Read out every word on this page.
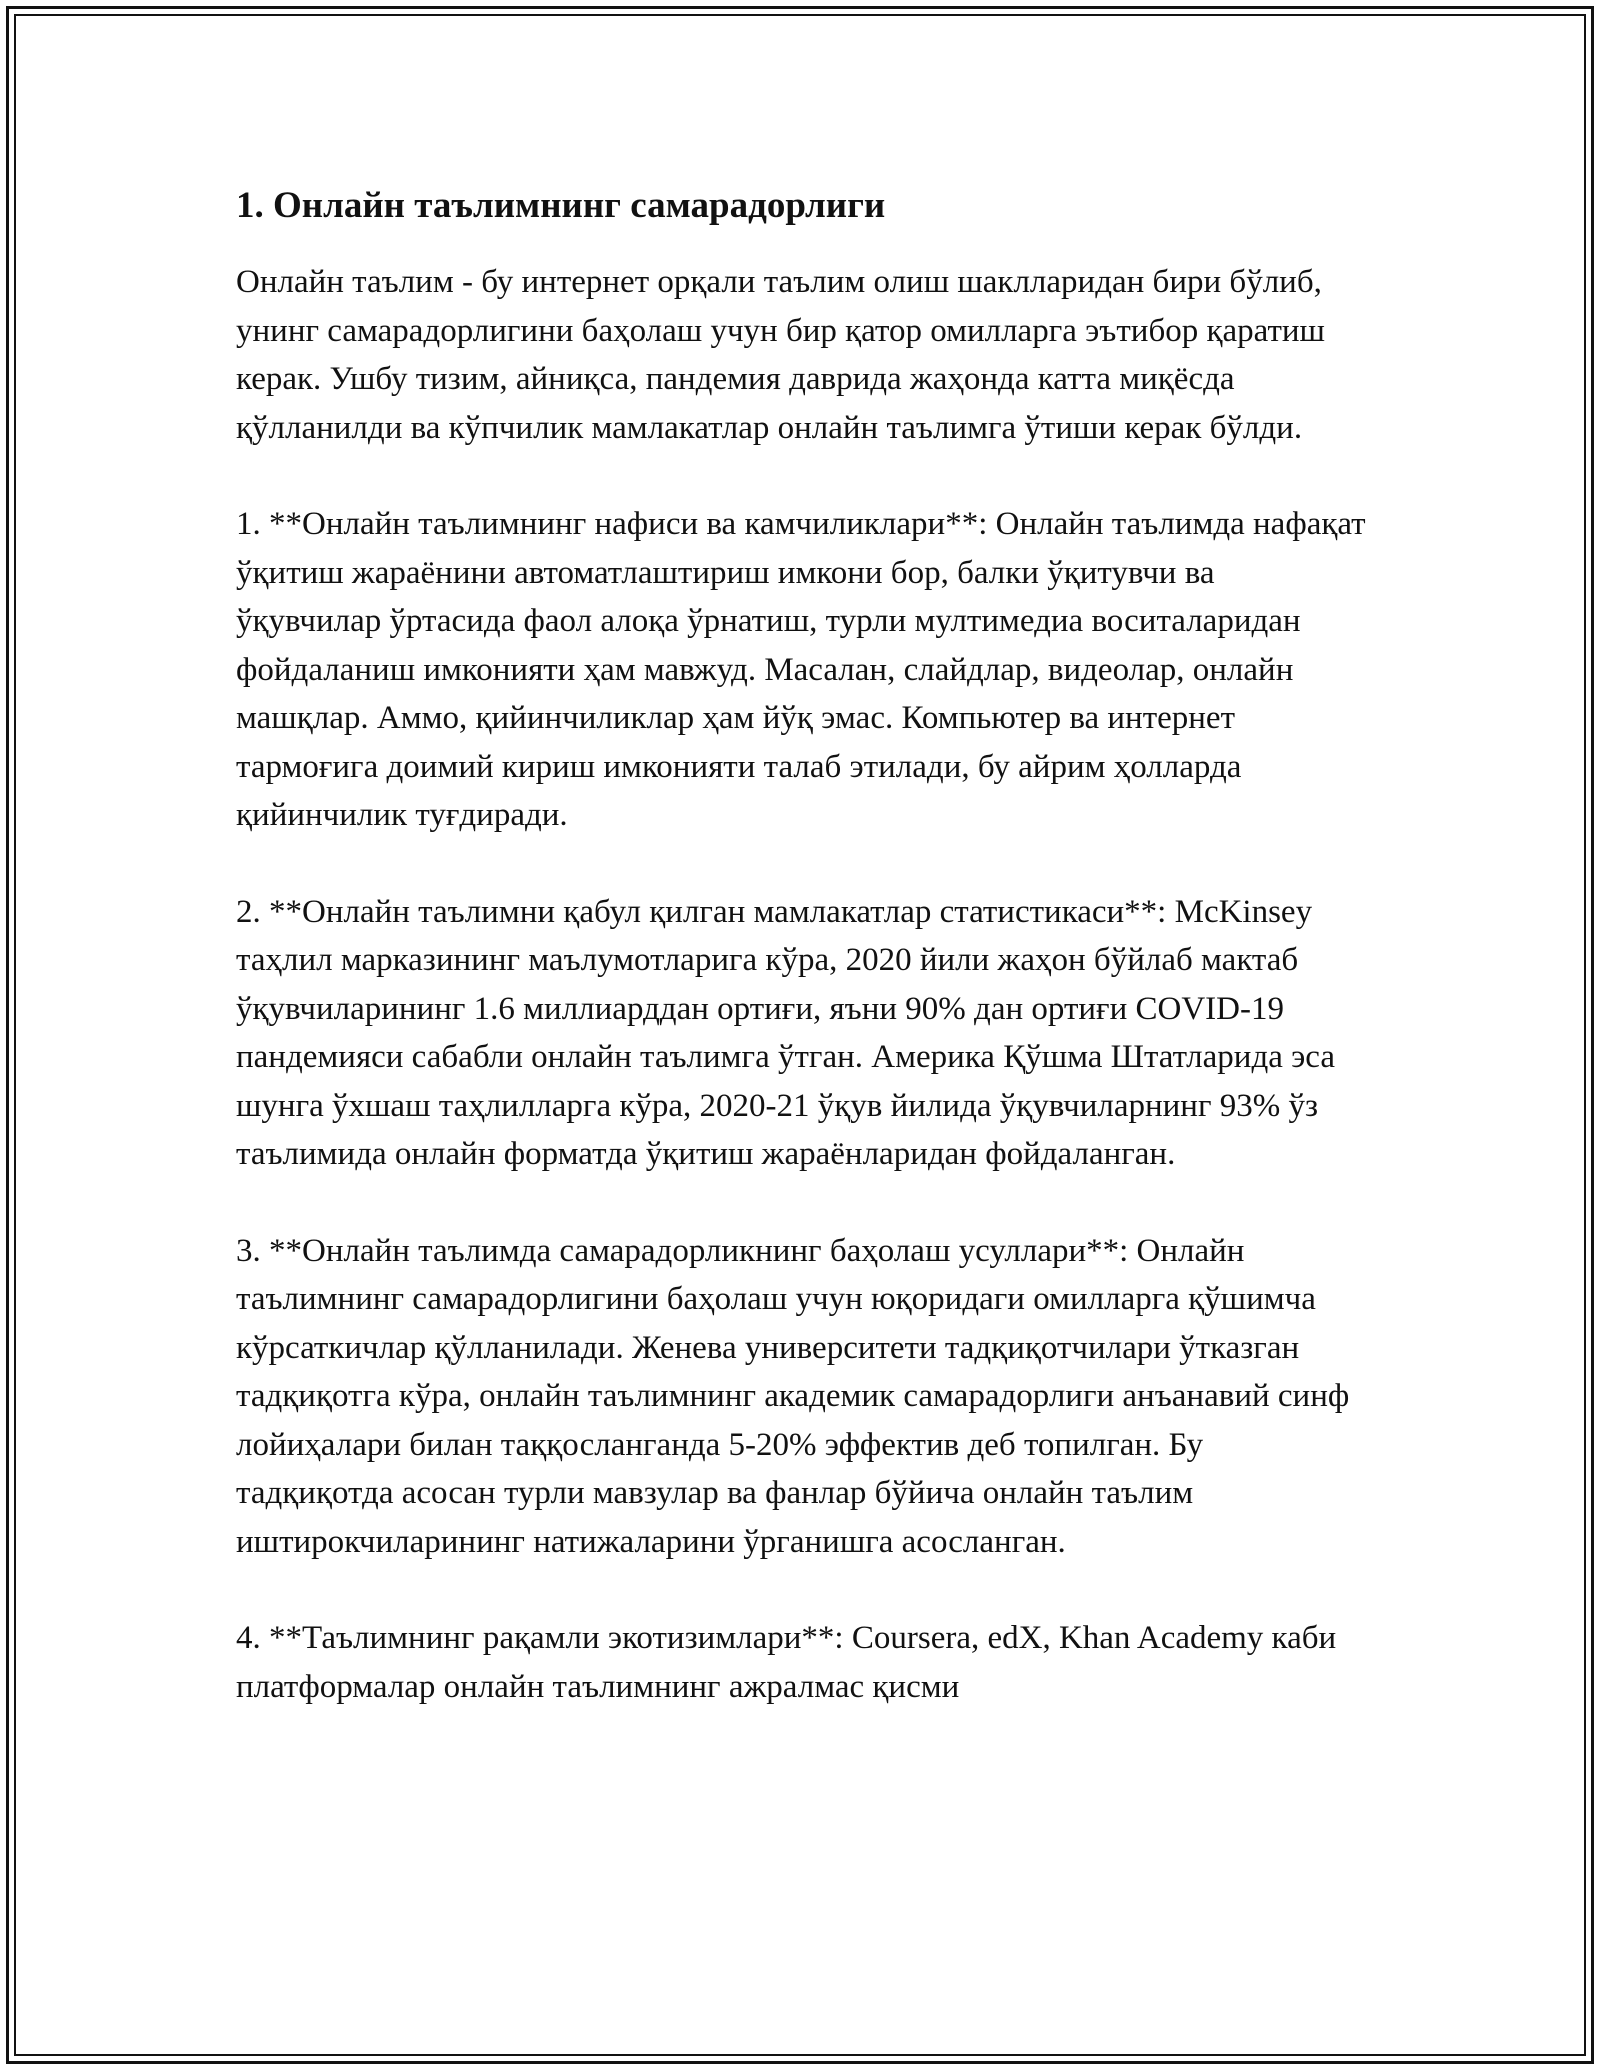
1. Онлайн таълимнинг самарадорлиги

Онлайн таълим - бу интернет орқали таълим олиш шаклларидан бири бўлиб, унинг самарадорлигини баҳолаш учун бир қатор омилларга эътибор қаратиш керак. Ушбу тизим, айниқса, пандемия даврида жаҳонда катта миқёсда қўлланилди ва кўпчилик мамлакатлар онлайн таълимга ўтиши керак бўлди.

1. **Онлайн таълимнинг нафиси ва камчиликлари**: Онлайн таълимда нафақат ўқитиш жараёнини автоматлаштириш имкони бор, балки ўқитувчи ва ўқувчилар ўртасида фаол алоқа ўрнатиш, турли мултимедиа воситаларидан фойдаланиш имконияти ҳам мавжуд. Масалан, слайдлар, видеолар, онлайн машқлар. Аммо, қийинчиликлар ҳам йўқ эмас. Компьютер ва интернет тармоғига доимий кириш имконияти талаб этилади, бу айрим ҳолларда қийинчилик туғдиради.

2. **Онлайн таълимни қабул қилган мамлакатлар статистикаси**: McKinsey таҳлил марказининг маълумотларига кўра, 2020 йили жаҳон бўйлаб мактаб ўқувчиларининг 1.6 миллиарддан ортиғи, яъни 90% дан ортиғи COVID-19 пандемияси сабабли онлайн таълимга ўтган. Америка Қўшма Штатларида эса шунга ўхшаш таҳлилларга кўра, 2020-21 ўқув йилида ўқувчиларнинг 93% ўз таълимида онлайн форматда ўқитиш жараёнларидан фойдаланган.

3. **Онлайн таълимда самарадорликнинг баҳолаш усуллари**: Онлайн таълимнинг самарадорлигини баҳолаш учун юқоридаги омилларга қўшимча кўрсаткичлар қўлланилади. Женева университети тадқиқотчилари ўтказган тадқиқотга кўра, онлайн таълимнинг академик самарадорлиги анъанавий синф лойиҳалари билан таққосланганда 5-20% эффектив деб топилган. Бу тадқиқотда асосан турли мавзулар ва фанлар бўйича онлайн таълим иштирокчиларининг натижаларини ўрганишга асосланган.

4. **Таълимнинг рақамли экотизимлари**: Coursera, edX, Khan Academy каби платформалар онлайн таълимнинг ажралмас қисми
